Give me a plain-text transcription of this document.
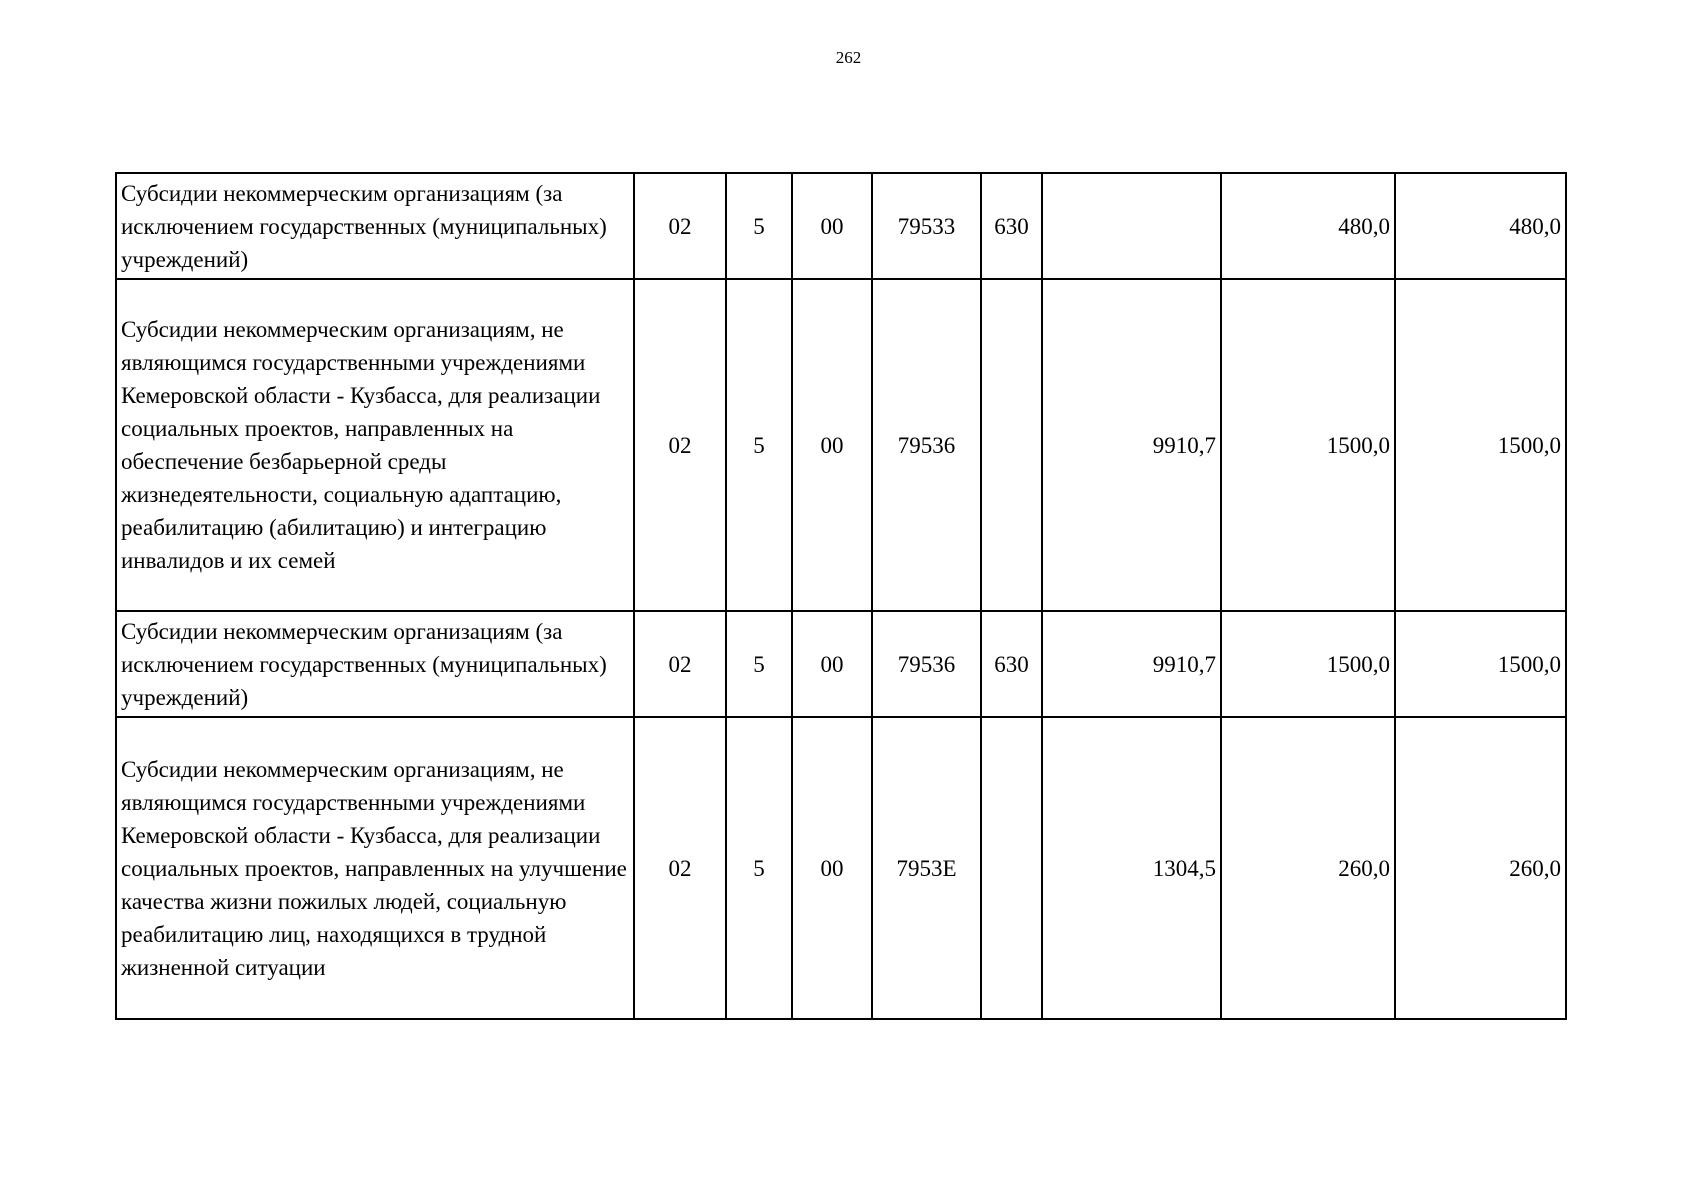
262
Субсидии некоммерческим организациям (за исключением государственных (муниципальных) учреждений)	02	5	00	79533	630		480,0	480,0
Субсидии некоммерческим организациям, не являющимся государственными учреждениями Кемеровской области - Кузбасса, для реализации социальных проектов, направленных на обеспечение безбарьерной среды жизнедеятельности, социальную адаптацию, реабилитацию (абилитацию) и интеграцию инвалидов и их семей	02	5	00	79536		9910,7	1500,0	1500,0
Субсидии некоммерческим организациям (за исключением государственных (муниципальных) учреждений)	02	5	00	79536	630	9910,7	1500,0	1500,0
Субсидии некоммерческим организациям, не являющимся государственными учреждениями Кемеровской области - Кузбасса, для реализации социальных проектов, направленных на улучшение качества жизни пожилых людей, социальную реабилитацию лиц, находящихся в трудной жизненной ситуации	02	5	00	7953Е		1304,5	260,0	260,0
